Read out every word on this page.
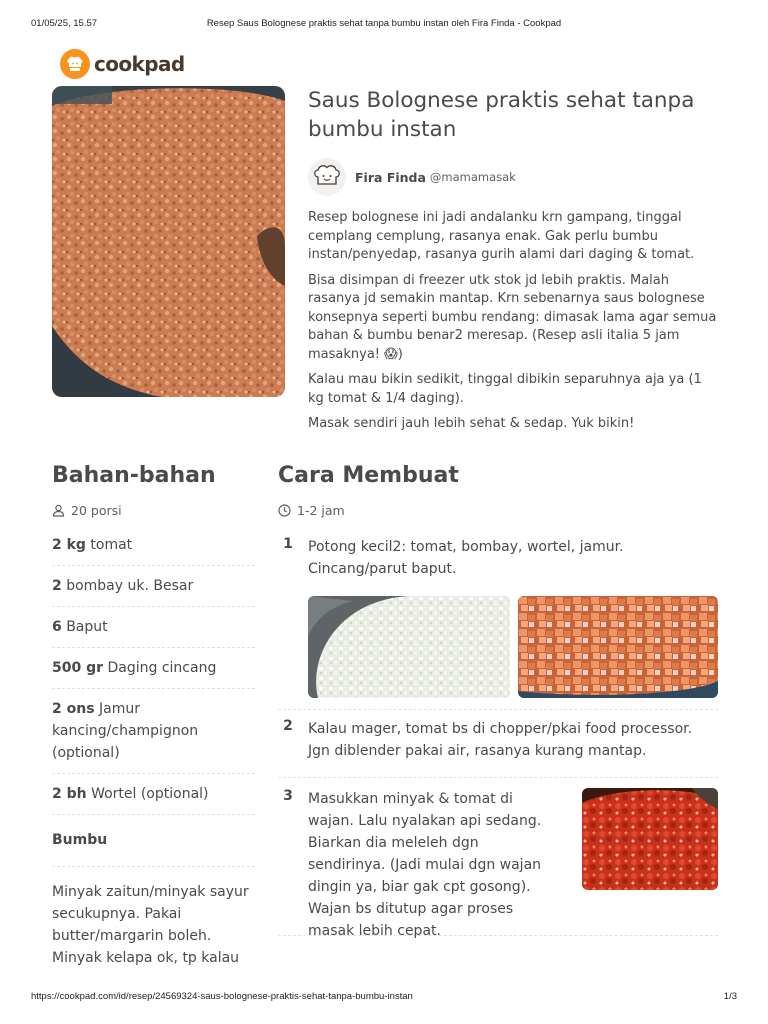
01/05/25, 15.57	Resep Saus Bolognese praktis sehat tanpa bumbu instan oleh Fira Finda - Cookpad
cookpad
Saus Bolognese praktis sehat tanpa bumbu instan
Fira Finda @mamamasak

Resep bolognese ini jadi andalanku krn gampang, tinggal cemplang cemplung, rasanya enak. Gak perlu bumbu instan/penyedap, rasanya gurih alami dari daging & tomat.

Bisa disimpan di freezer utk stok jd lebih praktis. Malah rasanya jd semakin mantap. Krn sebenarnya saus bolognese konsepnya seperti bumbu rendang: dimasak lama agar semua bahan & bumbu benar2 meresap. (Resep asli italia 5 jam masaknya! 😱)

Kalau mau bikin sedikit, tinggal dibikin separuhnya aja ya (1 kg tomat & 1/4 daging).

Masak sendiri jauh lebih sehat & sedap. Yuk bikin!

Bahan-bahan
20 porsi
2 kg tomat
2 bombay uk. Besar
6 Baput
500 gr Daging cincang
2 ons Jamur kancing/champignon (optional)
2 bh Wortel (optional)
Bumbu
Minyak zaitun/minyak sayur secukupnya. Pakai butter/margarin boleh. Minyak kelapa ok, tp kalau
Cara Membuat
1-2 jam
1	Potong kecil2: tomat, bombay, wortel, jamur. Cincang/parut baput.

2	Kalau mager, tomat bs di chopper/pkai food processor. Jgn diblender pakai air, rasanya kurang mantap.

3	Masukkan minyak & tomat di wajan. Lalu nyalakan api sedang. Biarkan dia meleleh dgn sendirinya. (Jadi mulai dgn wajan dingin ya, biar gak cpt gosong). Wajan bs ditutup agar proses masak lebih cepat.

https://cookpad.com/id/resep/24569324-saus-bolognese-praktis-sehat-tanpa-bumbu-instan	1/3
